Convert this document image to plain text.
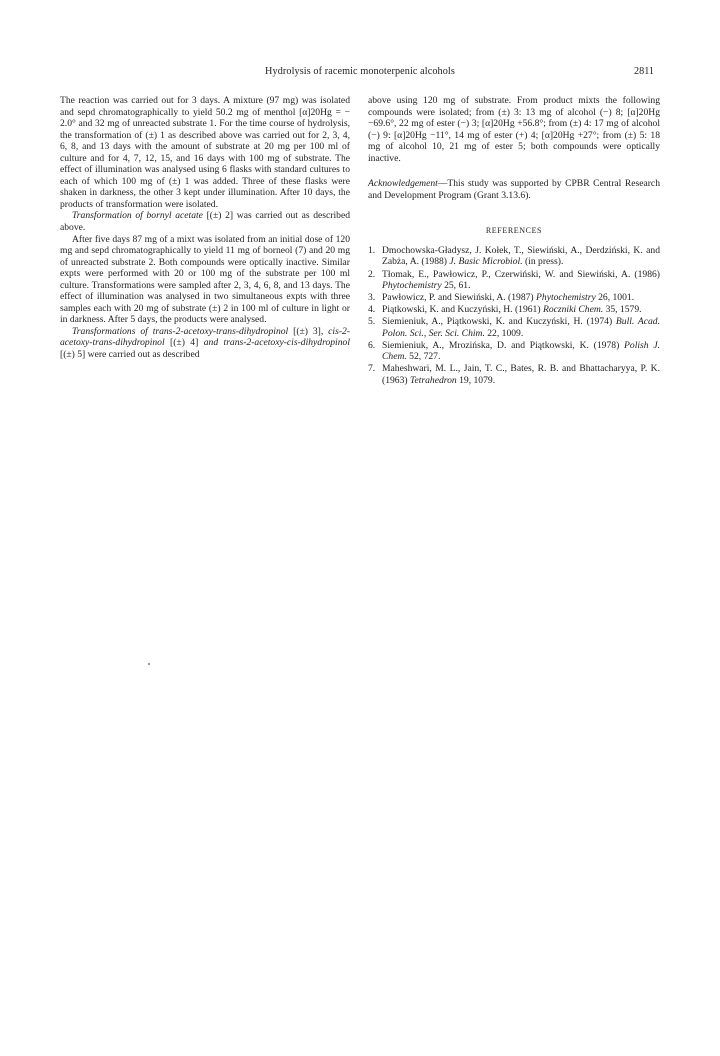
Hydrolysis of racemic monoterpenic alcohols	2811

The reaction was carried out for 3 days. A mixture (97 mg) was isolated and sepd chromatographically to yield 50.2 mg of menthol [α]20Hg = − 2.0° and 32 mg of unreacted substrate 1. For the time course of hydrolysis, the transformation of (±) 1 as described above was carried out for 2, 3, 4, 6, 8, and 13 days with the amount of substrate at 20 mg per 100 ml of culture and for 4, 7, 12, 15, and 16 days with 100 mg of substrate. The effect of illumination was analysed using 6 flasks with standard cultures to each of which 100 mg of (±) 1 was added. Three of these flasks were shaken in darkness, the other 3 kept under illumination. After 10 days, the products of transformation were isolated.

Transformation of bornyl acetate [(±) 2] was carried out as described above.

After five days 87 mg of a mixt was isolated from an initial dose of 120 mg and sepd chromatographically to yield 11 mg of borneol (7) and 20 mg of unreacted substrate 2. Both compounds were optically inactive. Similar expts were performed with 20 or 100 mg of the substrate per 100 ml culture. Transformations were sampled after 2, 3, 4, 6, 8, and 13 days. The effect of illumination was analysed in two simultaneous expts with three samples each with 20 mg of substrate (±) 2 in 100 ml of culture in light or in darkness. After 5 days, the products were analysed.

Transformations of trans-2-acetoxy-trans-dihydropinol [(±) 3], cis-2-acetoxy-trans-dihydropinol [(±) 4] and trans-2-acetoxy-cis-dihydropinol [(±) 5] were carried out as described

above using 120 mg of substrate. From product mixts the following compounds were isolated; from (±) 3: 13 mg of alcohol (−) 8; [α]20Hg −69.6°, 22 mg of ester (−) 3; [α]20Hg +56.8°; from (±) 4: 17 mg of alcohol (−) 9: [α]20Hg −11°, 14 mg of ester (+) 4; [α]20Hg +27°; from (±) 5: 18 mg of alcohol 10, 21 mg of ester 5; both compounds were optically inactive.

Acknowledgement—This study was supported by CPBR Central Research and Development Program (Grant 3.13.6).

REFERENCES
1. Dmochowska-Gładysz, J. Kołek, T., Siewiński, A., Derdziński, K. and Zabża, A. (1988) J. Basic Microbiol. (in press).
2. Tłomak, E., Pawłowicz, P., Czerwiński, W. and Siewiński, A. (1986) Phytochemistry 25, 61.
3. Pawłowicz, P. and Siewiński, A. (1987) Phytochemistry 26, 1001.
4. Piątkowski, K. and Kuczyński, H. (1961) Roczniki Chem. 35, 1579.
5. Siemieniuk, A., Piątkowski, K. and Kuczyński, H. (1974) Bull. Acad. Polon. Sci., Ser. Sci. Chim. 22, 1009.
6. Siemieniuk, A., Mrozińska, D. and Piątkowski, K. (1978) Polish J. Chem. 52, 727.
7. Maheshwari, M. L., Jain, T. C., Bates, R. B. and Bhattacharyya, P. K. (1963) Tetrahedron 19, 1079.
